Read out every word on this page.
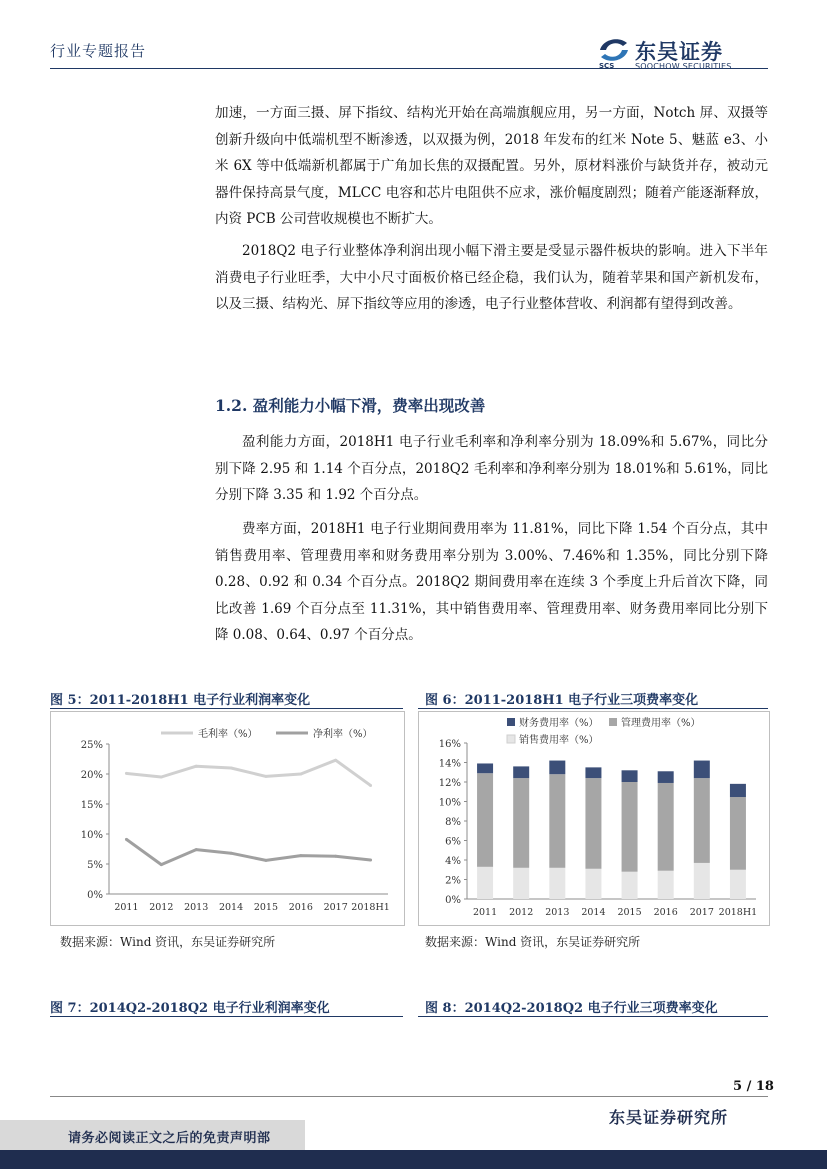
行业专题报告	东吴证券
SCS	SOOCHOW SECURITIES

加速，一方面三摄、屏下指纹、结构光开始在高端旗舰应用，另一方面，Notch 屏、双摄等创新升级向中低端机型不断渗透，以双摄为例，2018 年发布的红米 Note 5、魅蓝 e3、小米 6X 等中低端新机都属于广角加长焦的双摄配置。另外，原材料涨价与缺货并存，被动元器件保持高景气度，MLCC 电容和芯片电阻供不应求，涨价幅度剧烈；随着产能逐渐释放，内资 PCB 公司营收规模也不断扩大。

2018Q2 电子行业整体净利润出现小幅下滑主要是受显示器件板块的影响。进入下半年消费电子行业旺季，大中小尺寸面板价格已经企稳，我们认为，随着苹果和国产新机发布，以及三摄、结构光、屏下指纹等应用的渗透，电子行业整体营收、利润都有望得到改善。

1.2. 盈利能力小幅下滑，费率出现改善

盈利能力方面，2018H1 电子行业毛利率和净利率分别为 18.09%和 5.67%，同比分别下降 2.95 和 1.14 个百分点，2018Q2 毛利率和净利率分别为 18.01%和 5.61%，同比分别下降 3.35 和 1.92 个百分点。

费率方面，2018H1 电子行业期间费用率为 11.81%，同比下降 1.54 个百分点，其中销售费用率、管理费用率和财务费用率分别为 3.00%、7.46%和 1.35%，同比分别下降 0.28、0.92 和 0.34 个百分点。2018Q2 期间费用率在连续 3 个季度上升后首次下降，同比改善 1.69 个百分点至 11.31%，其中销售费用率、管理费用率、财务费用率同比分别下降 0.08、0.64、0.97 个百分点。

图 5：2011-2018H1 电子行业利润率变化
0%
5%
10%
15%
20%
25%
2011 2012 2013 2014 2015 2016 2017 2018H1
毛利率（%）	净利率（%）
数据来源：Wind 资讯，东吴证券研究所
图 6：2011-2018H1 电子行业三项费率变化
0%
2%
4%
6%
8%
10%
12%
14%
16%
2011 2012 2013 2014 2015 2016 2017 2018H1
销售费用率（%）
管理费用率（%）
财务费用率（%）
数据来源：Wind 资讯，东吴证券研究所
图 7：2014Q2-2018Q2 电子行业利润率变化	图 8：2014Q2-2018Q2 电子行业三项费率变化
5 / 18
东吴证券研究所
请务必阅读正文之后的免责声明部
